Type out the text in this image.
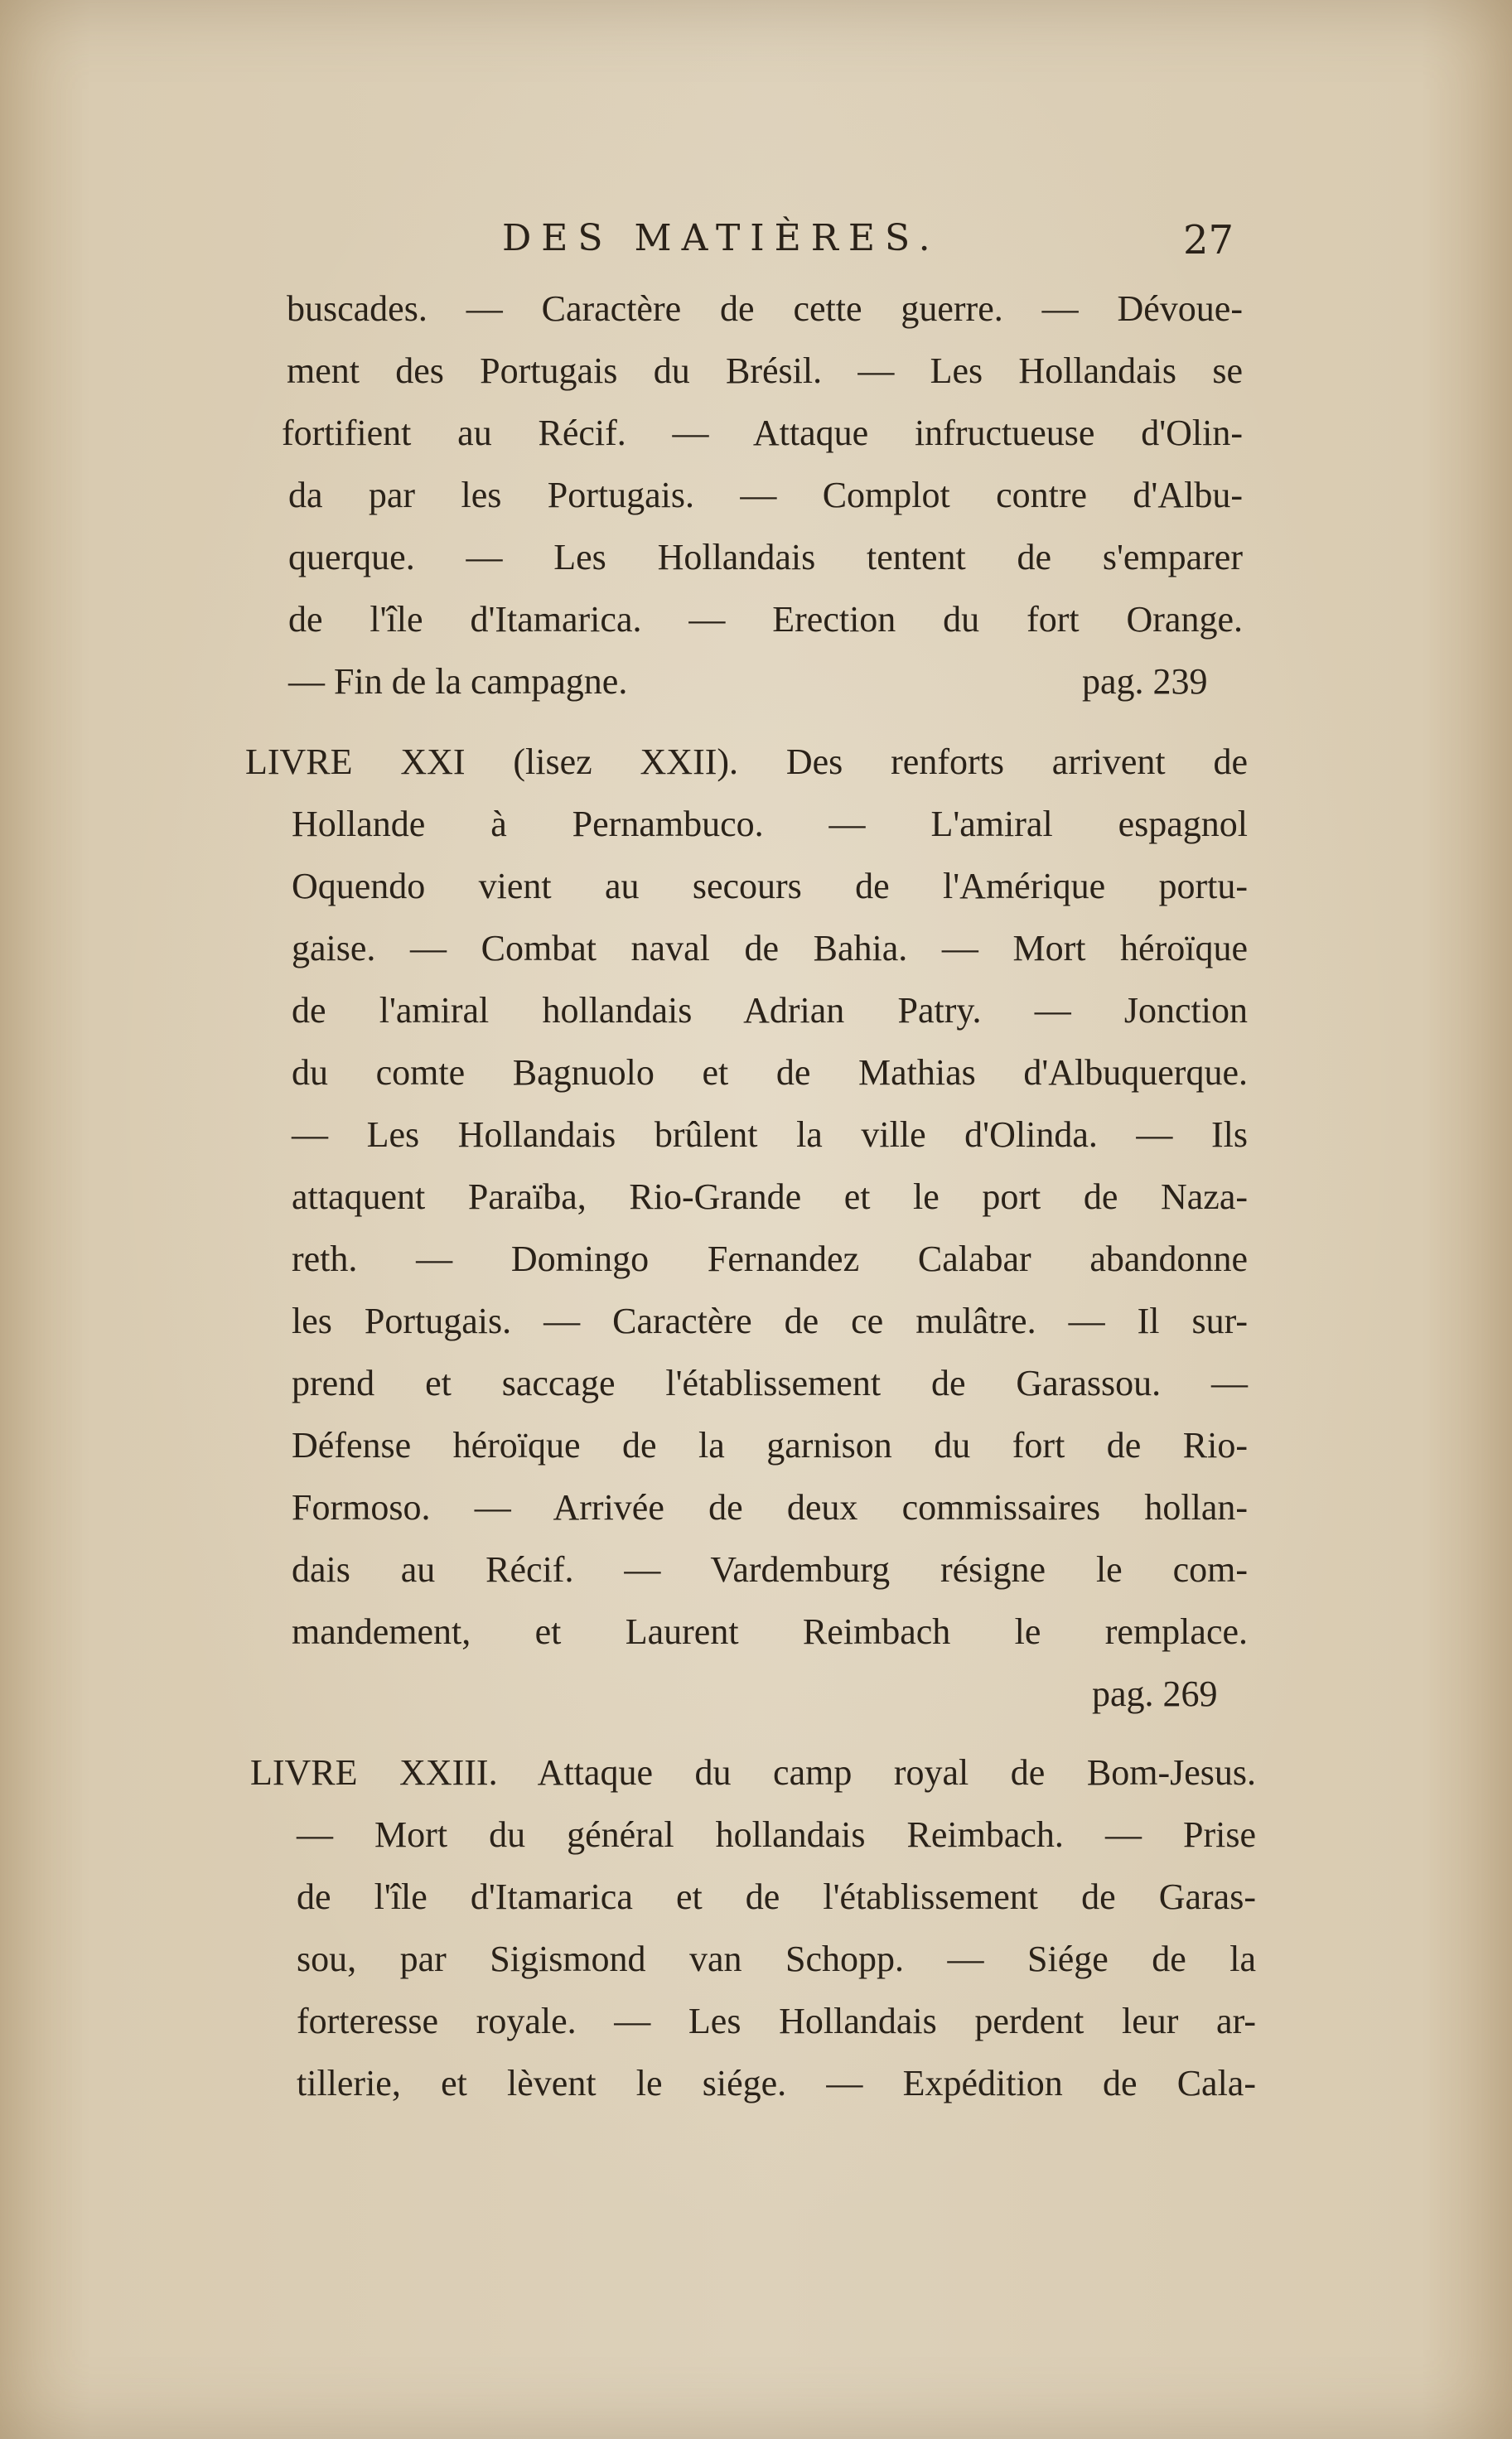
DES MATIÈRES.	27
buscades. — Caractère de cette guerre. — Dévoue-
ment des Portugais du Brésil. — Les Hollandais se
fortifient au Récif. — Attaque infructueuse d'Olin-
da par les Portugais. — Complot contre d'Albu-
querque. — Les Hollandais tentent de s'emparer
de l'île d'Itamarica. — Erection du fort Orange.
— Fin de la campagne.	pag. 239
LIVRE XXI (lisez XXII). Des renforts arrivent de
Hollande à Pernambuco. — L'amiral espagnol
Oquendo vient au secours de l'Amérique portu-
gaise. — Combat naval de Bahia. — Mort héroïque
de l'amiral hollandais Adrian Patry. — Jonction
du comte Bagnuolo et de Mathias d'Albuquerque.
— Les Hollandais brûlent la ville d'Olinda. — Ils
attaquent Paraïba, Rio-Grande et le port de Naza-
reth. — Domingo Fernandez Calabar abandonne
les Portugais. — Caractère de ce mulâtre. — Il sur-
prend et saccage l'établissement de Garassou. —
Défense héroïque de la garnison du fort de Rio-
Formoso. — Arrivée de deux commissaires hollan-
dais au Récif. — Vardemburg résigne le com-
mandement, et Laurent Reimbach le remplace.
pag. 269
LIVRE XXIII. Attaque du camp royal de Bom-Jesus.
— Mort du général hollandais Reimbach. — Prise
de l'île d'Itamarica et de l'établissement de Garas-
sou, par Sigismond van Schopp. — Siége de la
forteresse royale. — Les Hollandais perdent leur ar-
tillerie, et lèvent le siége. — Expédition de Cala-
